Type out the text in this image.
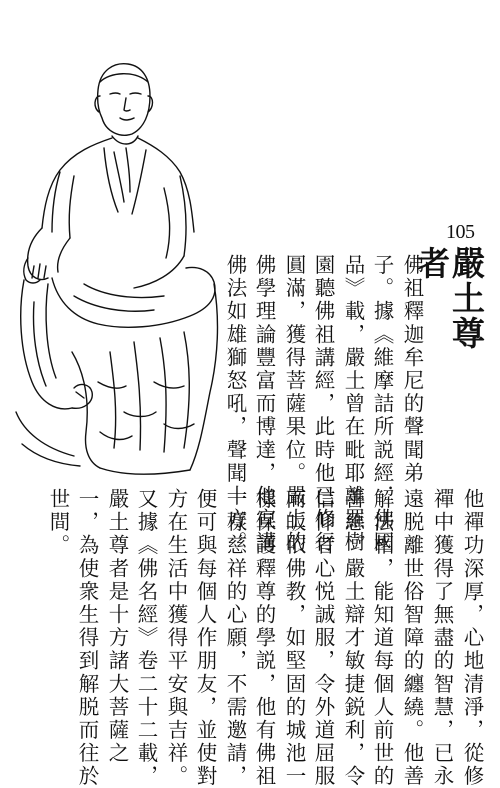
105
嚴土尊者
佛祖釋迦牟尼的聲聞弟
子。據《維摩詰所説經．佛國
品》載，嚴土曾在毗耶離羅樹
園聽佛祖講經，此時他已修行
圓滿，獲得菩薩果位。嚴土的
佛學理論豐富而博達，他宣講
佛法如雄獅怒吼，聲聞十方。
他禪功深厚，心地清淨，從修
禪中獲得了無盡的智慧，已永
遠脱離世俗智障的纏繞。他善
解法相，能知道每個人前世的
善惡。嚴土辯才敏捷鋭利，令
信仰者心悦誠服，令外道屈服
而皈依佛教，如堅固的城池一
樣保護釋尊的學説，他有佛祖
一樣慈祥的心願，不需邀請，
便可與每個人作朋友，並使對
方在生活中獲得平安與吉祥。
又據《佛名經》卷二十二載，
嚴土尊者是十方諸大菩薩之
一，為使衆生得到解脱而往於
世間。
